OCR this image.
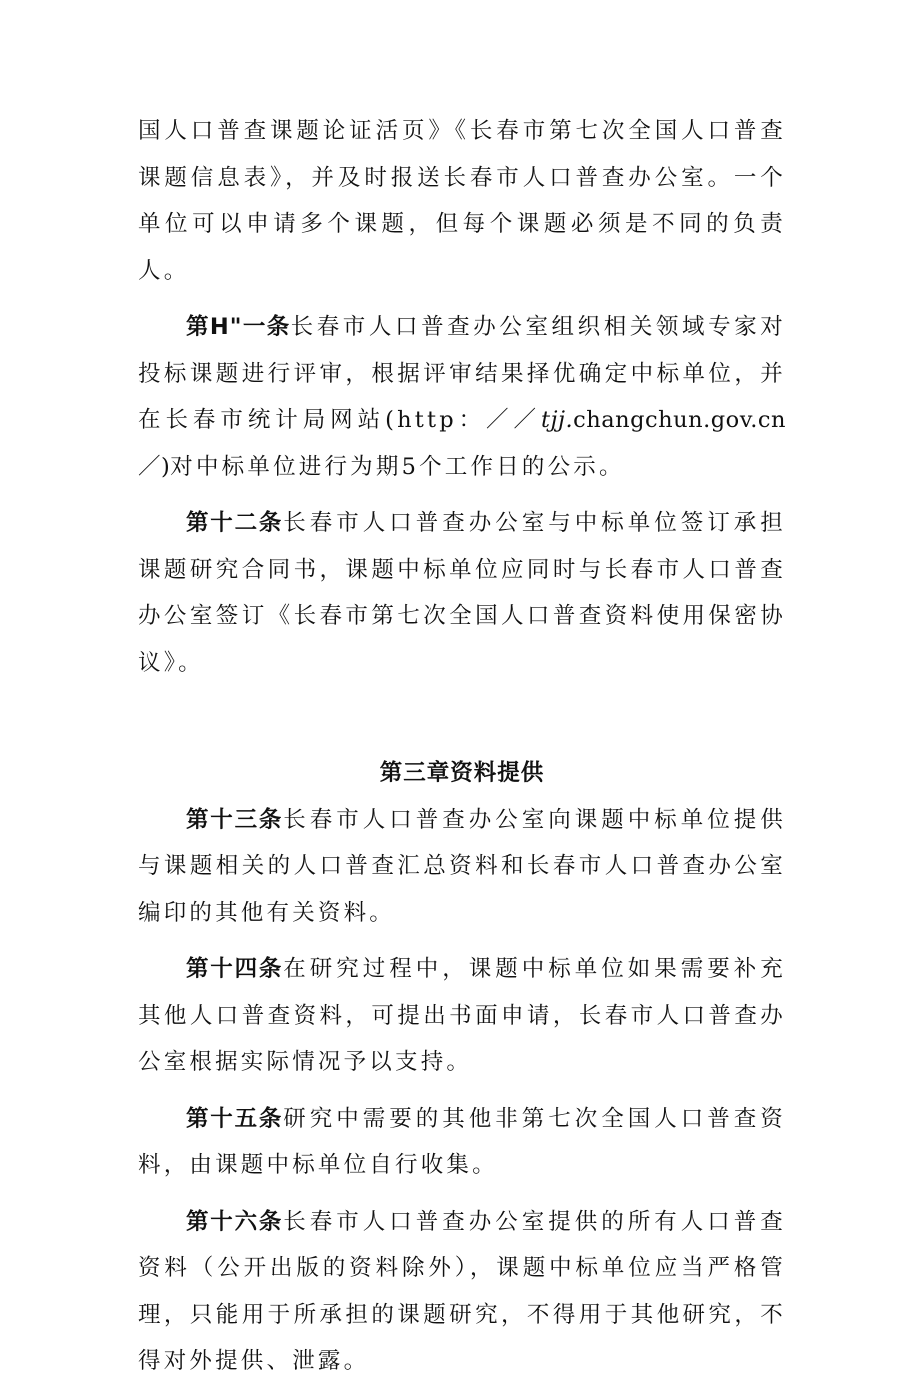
国人口普查课题论证活页》《长春市第七次全国人口普查课题信息表》，并及时报送长春市人口普查办公室。一个单位可以申请多个课题，但每个课题必须是不同的负责人。

第H"一条长春市人口普查办公室组织相关领域专家对投标课题进行评审，根据评审结果择优确定中标单位，并在长春市统计局网站(http：／／tjj.changchun.gov.cn／)对中标单位进行为期5个工作日的公示。

第十二条长春市人口普查办公室与中标单位签订承担课题研究合同书，课题中标单位应同时与长春市人口普查办公室签订《长春市第七次全国人口普查资料使用保密协议》。

第三章资料提供

第十三条长春市人口普查办公室向课题中标单位提供与课题相关的人口普查汇总资料和长春市人口普查办公室编印的其他有关资料。

第十四条在研究过程中，课题中标单位如果需要补充其他人口普查资料，可提出书面申请，长春市人口普查办公室根据实际情况予以支持。

第十五条研究中需要的其他非第七次全国人口普查资料，由课题中标单位自行收集。

第十六条长春市人口普查办公室提供的所有人口普查资料（公开出版的资料除外），课题中标单位应当严格管理，只能用于所承担的课题研究，不得用于其他研究，不得对外提供、泄露。
